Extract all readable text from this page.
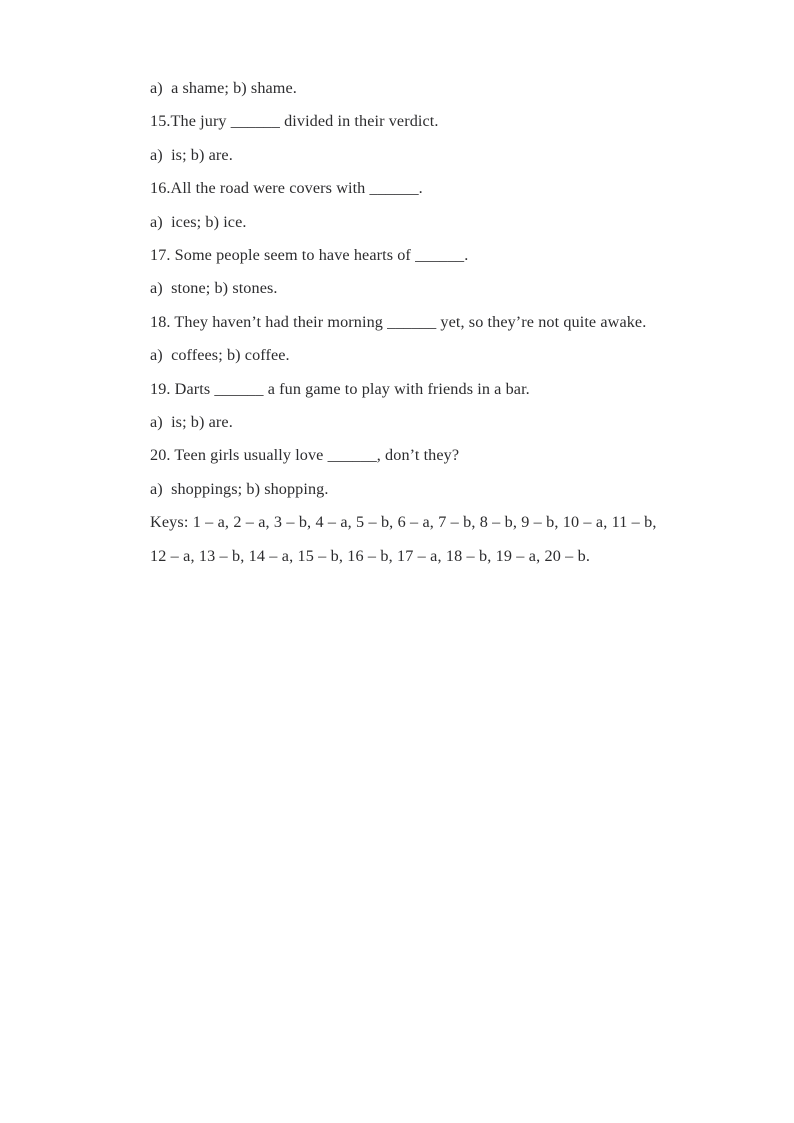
a)  a shame; b) shame.
15.The jury ______ divided in their verdict.
a)  is; b) are.
16.All the road were covers with ______.
a)  ices; b) ice.
17. Some people seem to have hearts of ______.
a)  stone; b) stones.
18. They haven’t had their morning ______ yet, so they’re not quite awake.
a)  coffees; b) coffee.
19. Darts ______ a fun game to play with friends in a bar.
a)  is; b) are.
20. Teen girls usually love ______, don’t they?
a)  shoppings; b) shopping.
Keys: 1 – a, 2 – a, 3 – b, 4 – a, 5 – b, 6 – a, 7 – b, 8 – b, 9 – b, 10 – a, 11 – b,
12 – a, 13 – b, 14 – a, 15 – b, 16 – b, 17 – a, 18 – b, 19 – a, 20 – b.
